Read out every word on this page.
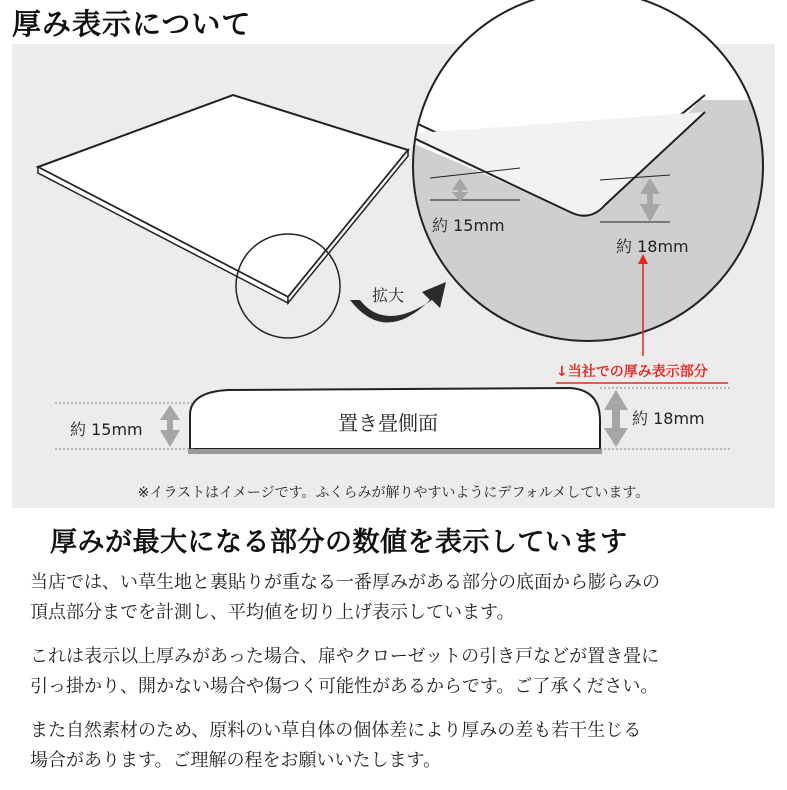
厚み表示について
約 15mm
約 18mm
拡大
↓当社での厚み表示部分
置き畳側面
約 15mm
約 18mm
※イラストはイメージです。ふくらみが解りやすいようにデフォルメしています。
厚みが最大になる部分の数値を表示しています

当店では、い草生地と裏貼りが重なる一番厚みがある部分の底面から膨らみの
頂点部分までを計測し、平均値を切り上げ表示しています。

これは表示以上厚みがあった場合、扉やクローゼットの引き戸などが置き畳に
引っ掛かり、開かない場合や傷つく可能性があるからです。ご了承ください。

また自然素材のため、原料のい草自体の個体差により厚みの差も若干生じる
場合があります。ご理解の程をお願いいたします。
